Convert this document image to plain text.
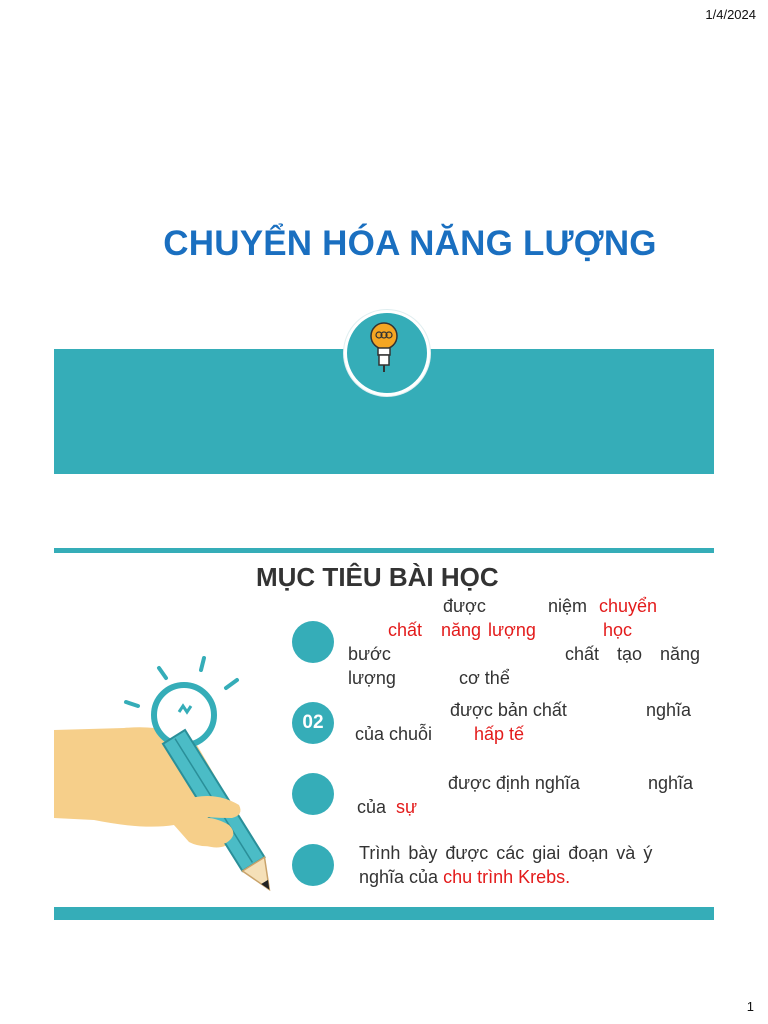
1/4/2024
CHUYỂN HÓA NĂNG LƯỢNG
MỤC TIÊU BÀI HỌC
được	niệm chuyển
chất năng lượng	học
bước	chất tạo năng
lượng	cơ thể
02
được bản chất	nghĩa
của chuỗi hấp tế
được định nghĩa	nghĩa
của sự
Trình bày được các giai đoạn và ý
nghĩa của chu trình Krebs.
1
